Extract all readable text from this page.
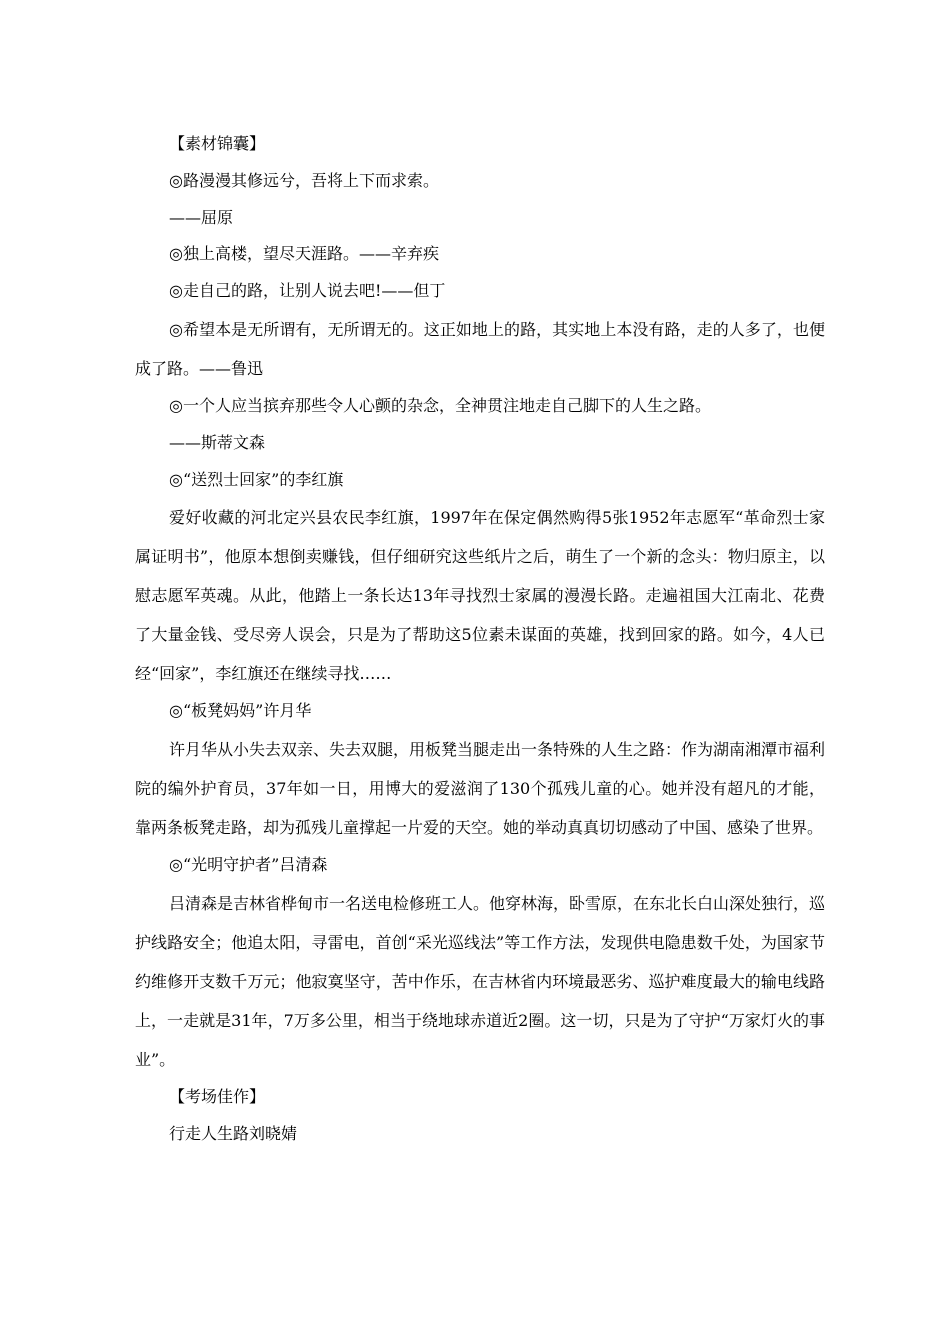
【素材锦囊】
◎路漫漫其修远兮，吾将上下而求索。
——屈原
◎独上高楼，望尽天涯路。——辛弃疾
◎走自己的路，让别人说去吧!——但丁
◎希望本是无所谓有，无所谓无的。这正如地上的路，其实地上本没有路，走的人多了，也便成了路。——鲁迅
◎一个人应当摈弃那些令人心颤的杂念，全神贯注地走自己脚下的人生之路。
——斯蒂文森
◎“送烈士回家”的李红旗
爱好收藏的河北定兴县农民李红旗，1997年在保定偶然购得5张1952年志愿军“革命烈士家属证明书”，他原本想倒卖赚钱，但仔细研究这些纸片之后，萌生了一个新的念头：物归原主，以慰志愿军英魂。从此，他踏上一条长达13年寻找烈士家属的漫漫长路。走遍祖国大江南北、花费了大量金钱、受尽旁人误会，只是为了帮助这5位素未谋面的英雄，找到回家的路。如今，4人已经“回家”，李红旗还在继续寻找……
◎“板凳妈妈”许月华
许月华从小失去双亲、失去双腿，用板凳当腿走出一条特殊的人生之路：作为湖南湘潭市福利院的编外护育员，37年如一日，用博大的爱滋润了130个孤残儿童的心。她并没有超凡的才能，靠两条板凳走路，却为孤残儿童撑起一片爱的天空。她的举动真真切切感动了中国、感染了世界。
◎“光明守护者”吕清森
吕清森是吉林省桦甸市一名送电检修班工人。他穿林海，卧雪原，在东北长白山深处独行，巡护线路安全；他追太阳，寻雷电，首创“采光巡线法”等工作方法，发现供电隐患数千处，为国家节约维修开支数千万元；他寂寞坚守，苦中作乐，在吉林省内环境最恶劣、巡护难度最大的输电线路上，一走就是31年，7万多公里，相当于绕地球赤道近2圈。这一切，只是为了守护“万家灯火的事业”。
【考场佳作】
行走人生路刘晓婧
